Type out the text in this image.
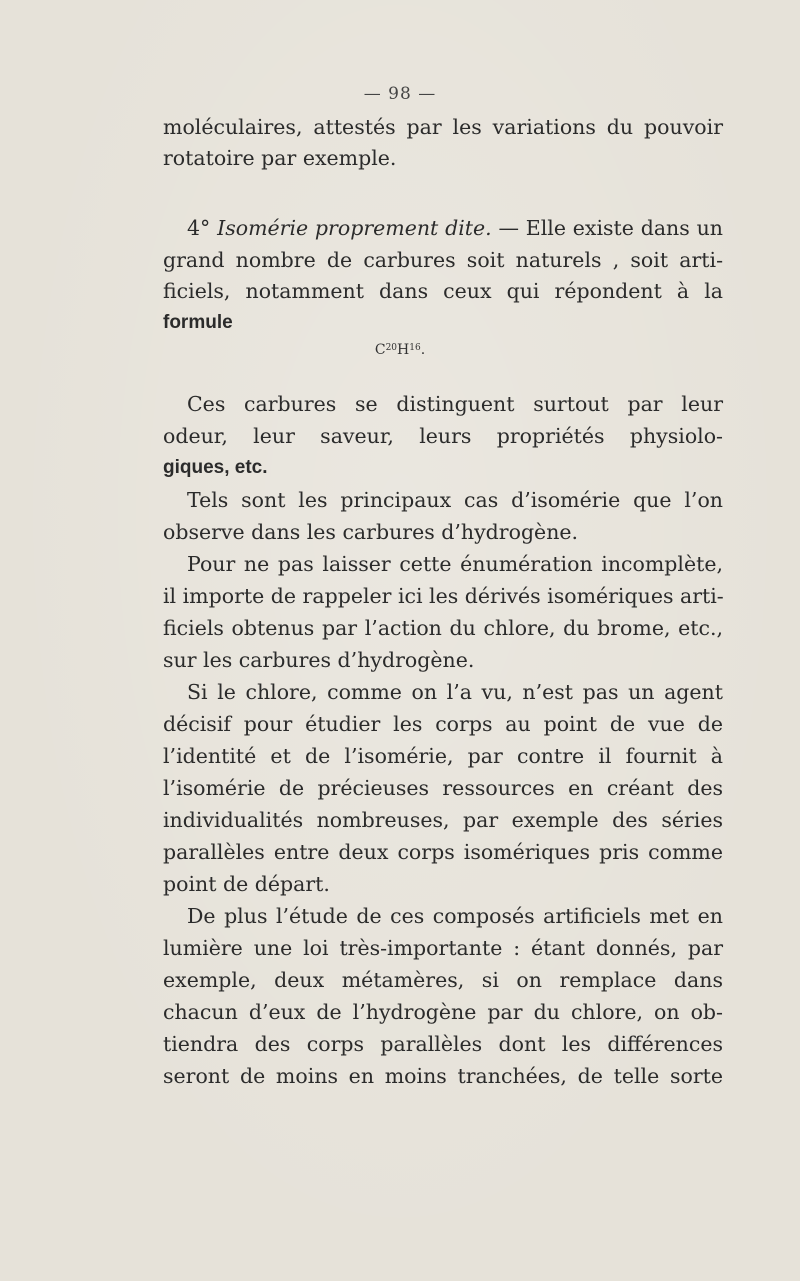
— 98 —
moléculaires, attestés par les variations du pouvoir
rotatoire par exemple.
4° Isomérie proprement dite. — Elle existe dans un
grand nombre de carbures soit naturels , soit arti-
ficiels, notamment dans ceux qui répondent à la
formule
$C^{20}H^{16}$.
Ces carbures se distinguent surtout par leur
odeur, leur saveur, leurs propriétés physiolo-
giques, etc.
Tels sont les principaux cas d’isomérie que l’on
observe dans les carbures d’hydrogène.
Pour ne pas laisser cette énumération incomplète,
il importe de rappeler ici les dérivés isomériques arti-
ficiels obtenus par l’action du chlore, du brome, etc.,
sur les carbures d’hydrogène.
Si le chlore, comme on l’a vu, n’est pas un agent
décisif pour étudier les corps au point de vue de
l’identité et de l’isomérie, par contre il fournit à
l’isomérie de précieuses ressources en créant des
individualités nombreuses, par exemple des séries
parallèles entre deux corps isomériques pris comme
point de départ.
De plus l’étude de ces composés artificiels met en
lumière une loi très-importante : étant donnés, par
exemple, deux métamères, si on remplace dans
chacun d’eux de l’hydrogène par du chlore, on ob-
tiendra des corps parallèles dont les différences
seront de moins en moins tranchées, de telle sorte
